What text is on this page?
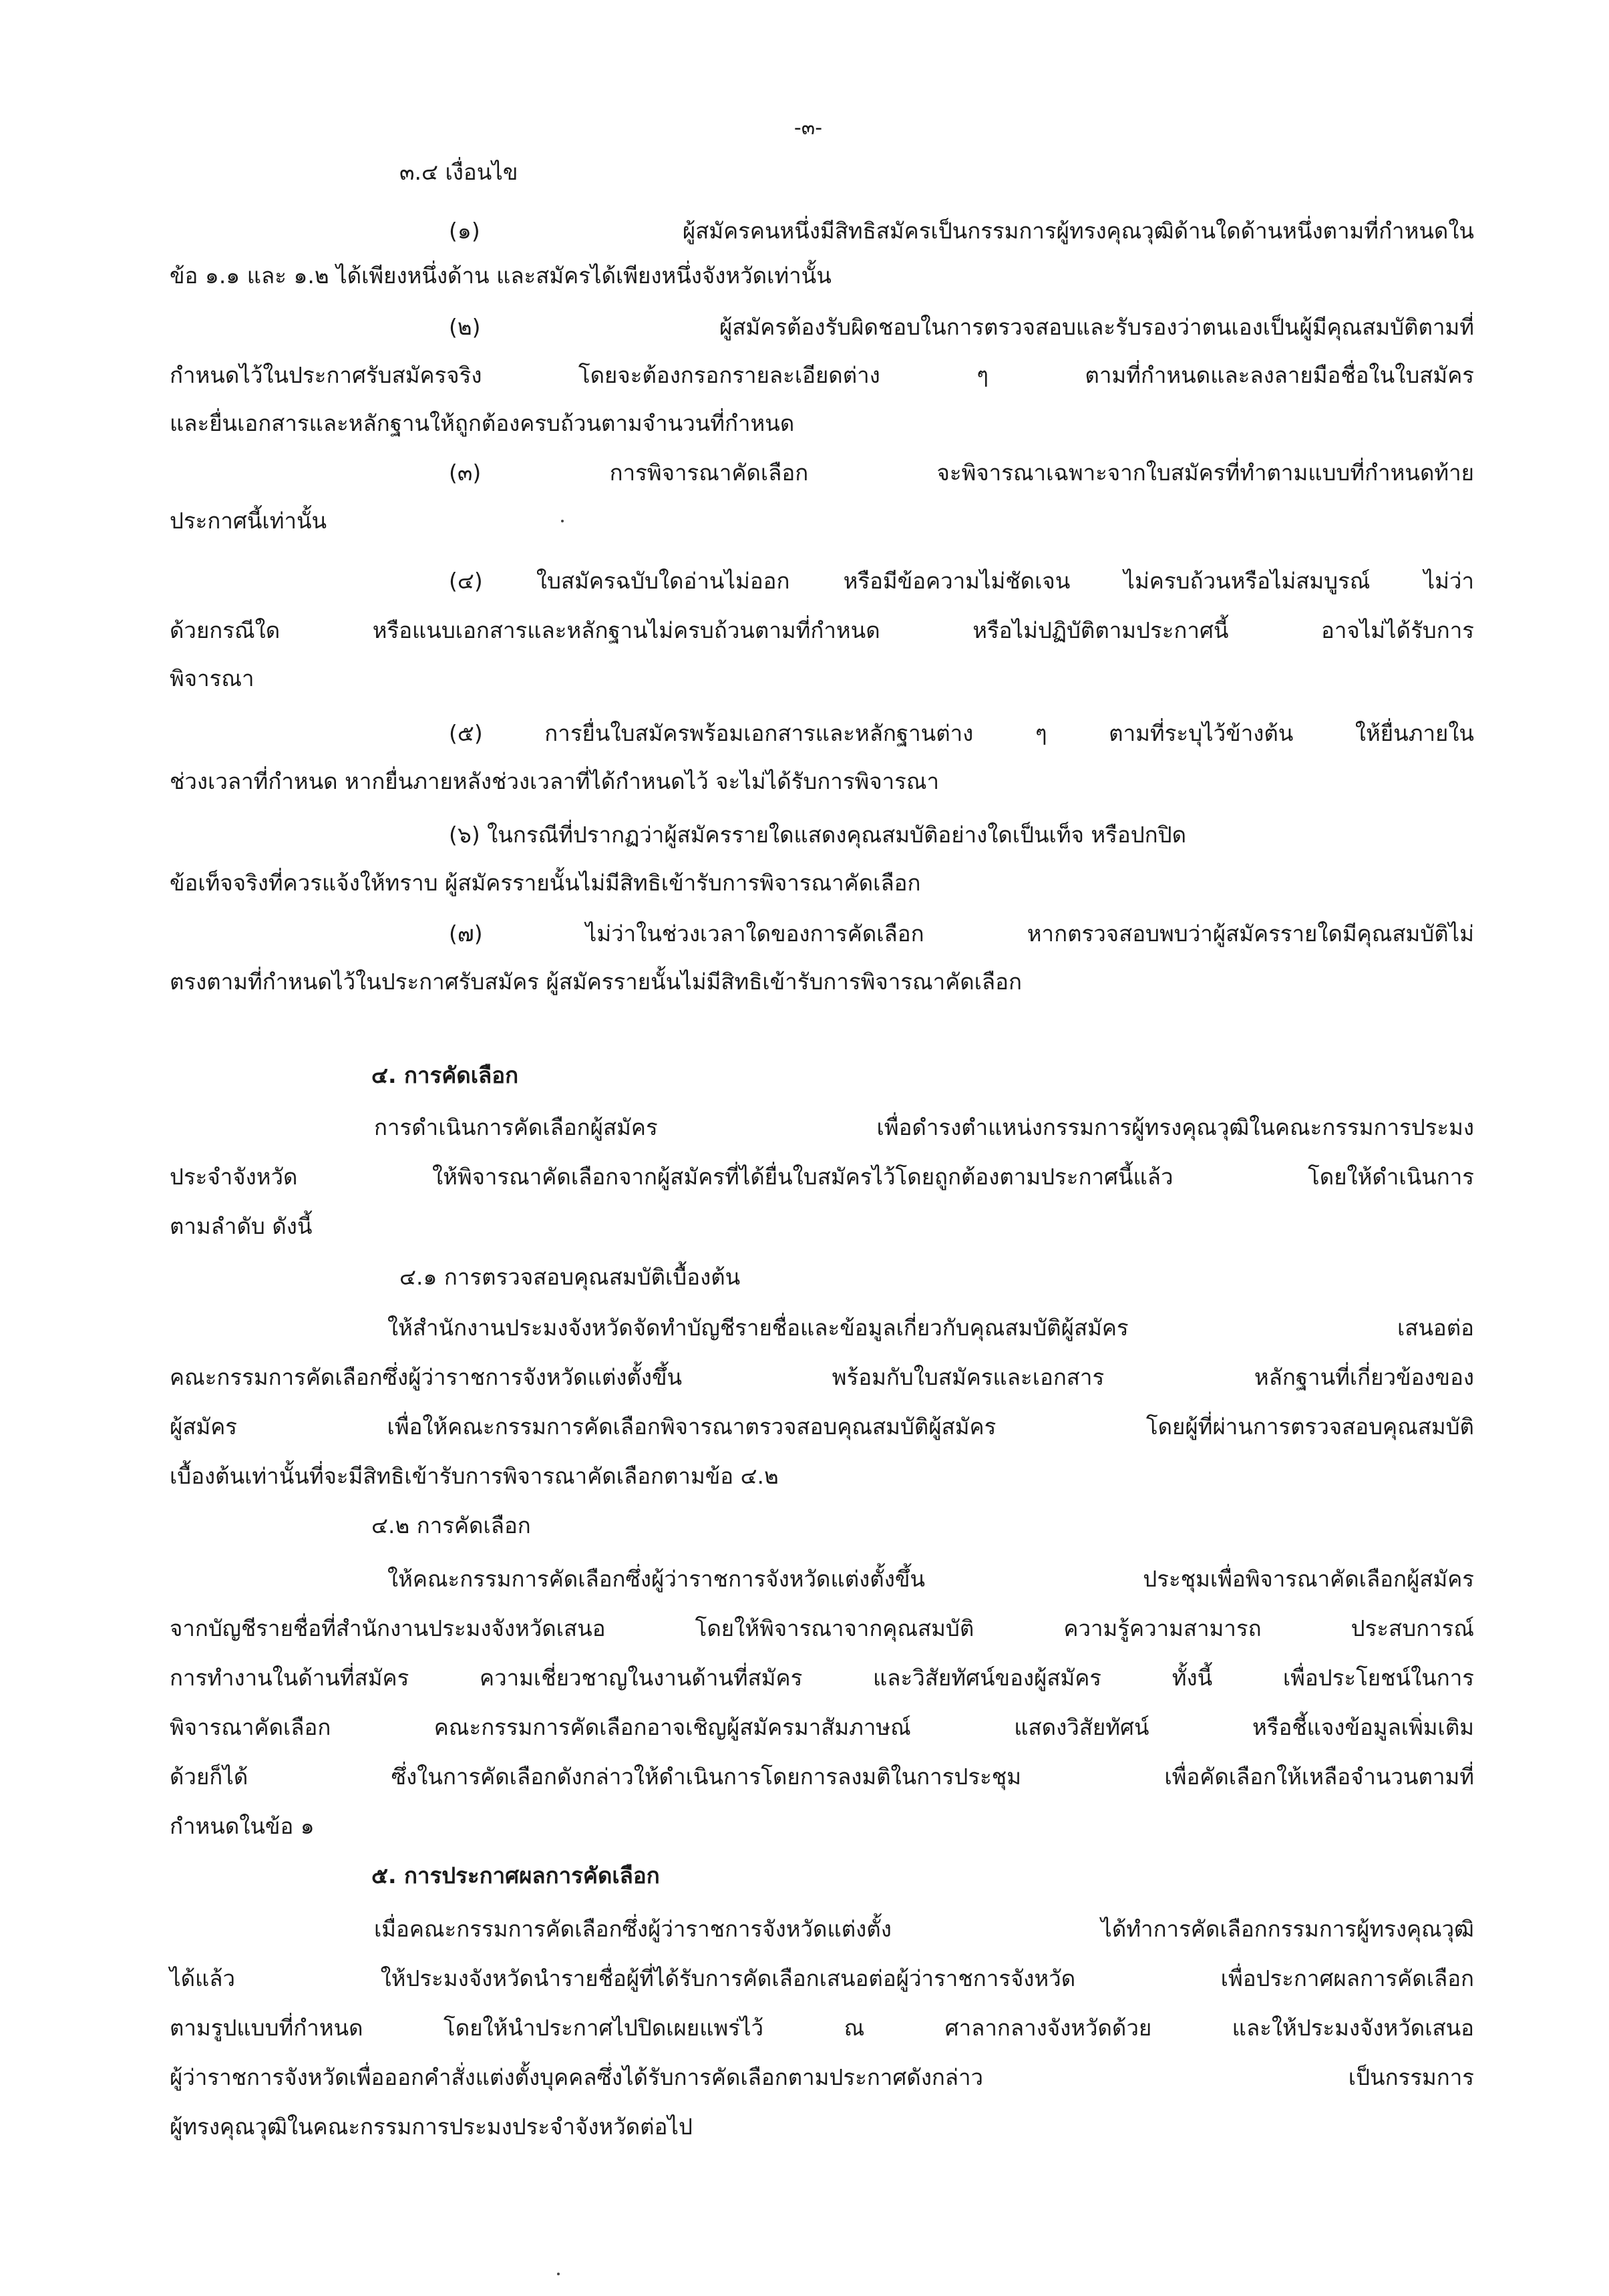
-๓-

๓.๔ เงื่อนไข

(๑) ผู้สมัครคนหนึ่งมีสิทธิสมัครเป็นกรรมการผู้ทรงคุณวุฒิด้านใดด้านหนึ่งตามที่กำหนดใน

ข้อ ๑.๑ และ ๑.๒ ได้เพียงหนึ่งด้าน และสมัครได้เพียงหนึ่งจังหวัดเท่านั้น

(๒) ผู้สมัครต้องรับผิดชอบในการตรวจสอบและรับรองว่าตนเองเป็นผู้มีคุณสมบัติตามที่

กำหนดไว้ในประกาศรับสมัครจริง โดยจะต้องกรอกรายละเอียดต่าง ๆ ตามที่กำหนดและลงลายมือชื่อในใบสมัคร

และยื่นเอกสารและหลักฐานให้ถูกต้องครบถ้วนตามจำนวนที่กำหนด

(๓) การพิจารณาคัดเลือก จะพิจารณาเฉพาะจากใบสมัครที่ทำตามแบบที่กำหนดท้าย

ประกาศนี้เท่านั้น

(๔) ใบสมัครฉบับใดอ่านไม่ออก หรือมีข้อความไม่ชัดเจน ไม่ครบถ้วนหรือไม่สมบูรณ์ ไม่ว่า

ด้วยกรณีใด หรือแนบเอกสารและหลักฐานไม่ครบถ้วนตามที่กำหนด หรือไม่ปฏิบัติตามประกาศนี้ อาจไม่ได้รับการ

พิจารณา

(๕) การยื่นใบสมัครพร้อมเอกสารและหลักฐานต่าง ๆ ตามที่ระบุไว้ข้างต้น ให้ยื่นภายใน

ช่วงเวลาที่กำหนด หากยื่นภายหลังช่วงเวลาที่ได้กำหนดไว้ จะไม่ได้รับการพิจารณา

(๖) ในกรณีที่ปรากฏว่าผู้สมัครรายใดแสดงคุณสมบัติอย่างใดเป็นเท็จ หรือปกปิด

ข้อเท็จจริงที่ควรแจ้งให้ทราบ ผู้สมัครรายนั้นไม่มีสิทธิเข้ารับการพิจารณาคัดเลือก

(๗) ไม่ว่าในช่วงเวลาใดของการคัดเลือก หากตรวจสอบพบว่าผู้สมัครรายใดมีคุณสมบัติไม่

ตรงตามที่กำหนดไว้ในประกาศรับสมัคร ผู้สมัครรายนั้นไม่มีสิทธิเข้ารับการพิจารณาคัดเลือก

๔. การคัดเลือก

การดำเนินการคัดเลือกผู้สมัคร เพื่อดำรงตำแหน่งกรรมการผู้ทรงคุณวุฒิในคณะกรรมการประมง

ประจำจังหวัด ให้พิจารณาคัดเลือกจากผู้สมัครที่ได้ยื่นใบสมัครไว้โดยถูกต้องตามประกาศนี้แล้ว โดยให้ดำเนินการ

ตามลำดับ ดังนี้

๔.๑ การตรวจสอบคุณสมบัติเบื้องต้น

ให้สำนักงานประมงจังหวัดจัดทำบัญชีรายชื่อและข้อมูลเกี่ยวกับคุณสมบัติผู้สมัคร เสนอต่อ

คณะกรรมการคัดเลือกซึ่งผู้ว่าราชการจังหวัดแต่งตั้งขึ้น พร้อมกับใบสมัครและเอกสาร หลักฐานที่เกี่ยวข้องของ

ผู้สมัคร เพื่อให้คณะกรรมการคัดเลือกพิจารณาตรวจสอบคุณสมบัติผู้สมัคร โดยผู้ที่ผ่านการตรวจสอบคุณสมบัติ

เบื้องต้นเท่านั้นที่จะมีสิทธิเข้ารับการพิจารณาคัดเลือกตามข้อ ๔.๒

๔.๒ การคัดเลือก

ให้คณะกรรมการคัดเลือกซึ่งผู้ว่าราชการจังหวัดแต่งตั้งขึ้น ประชุมเพื่อพิจารณาคัดเลือกผู้สมัคร

จากบัญชีรายชื่อที่สำนักงานประมงจังหวัดเสนอ โดยให้พิจารณาจากคุณสมบัติ ความรู้ความสามารถ ประสบการณ์

การทำงานในด้านที่สมัคร ความเชี่ยวชาญในงานด้านที่สมัคร และวิสัยทัศน์ของผู้สมัคร ทั้งนี้ เพื่อประโยชน์ในการ

พิจารณาคัดเลือก คณะกรรมการคัดเลือกอาจเชิญผู้สมัครมาสัมภาษณ์ แสดงวิสัยทัศน์ หรือชี้แจงข้อมูลเพิ่มเติม

ด้วยก็ได้ ซึ่งในการคัดเลือกดังกล่าวให้ดำเนินการโดยการลงมติในการประชุม เพื่อคัดเลือกให้เหลือจำนวนตามที่

กำหนดในข้อ ๑

๕. การประกาศผลการคัดเลือก

เมื่อคณะกรรมการคัดเลือกซึ่งผู้ว่าราชการจังหวัดแต่งตั้ง ได้ทำการคัดเลือกกรรมการผู้ทรงคุณวุฒิ

ได้แล้ว ให้ประมงจังหวัดนำรายชื่อผู้ที่ได้รับการคัดเลือกเสนอต่อผู้ว่าราชการจังหวัด เพื่อประกาศผลการคัดเลือก

ตามรูปแบบที่กำหนด โดยให้นำประกาศไปปิดเผยแพร่ไว้ ณ ศาลากลางจังหวัดด้วย และให้ประมงจังหวัดเสนอ

ผู้ว่าราชการจังหวัดเพื่อออกคำสั่งแต่งตั้งบุคคลซึ่งได้รับการคัดเลือกตามประกาศดังกล่าว เป็นกรรมการ

ผู้ทรงคุณวุฒิในคณะกรรมการประมงประจำจังหวัดต่อไป
